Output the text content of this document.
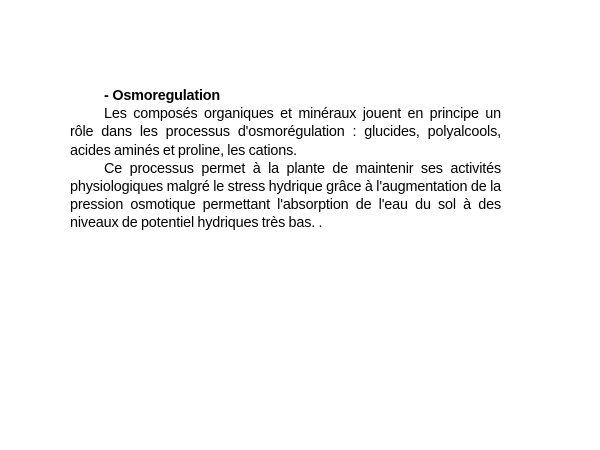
- Osmoregulation

Les composés organiques et minéraux jouent en principe un rôle dans les processus d'osmorégulation : glucides, polyalcools, acides aminés et proline, les cations.

Ce processus permet à la plante de maintenir ses activités physiologiques malgré le stress hydrique grâce à l'augmentation de la pression osmotique permettant l'absorption de l'eau du sol à des niveaux de potentiel hydriques très bas. .
